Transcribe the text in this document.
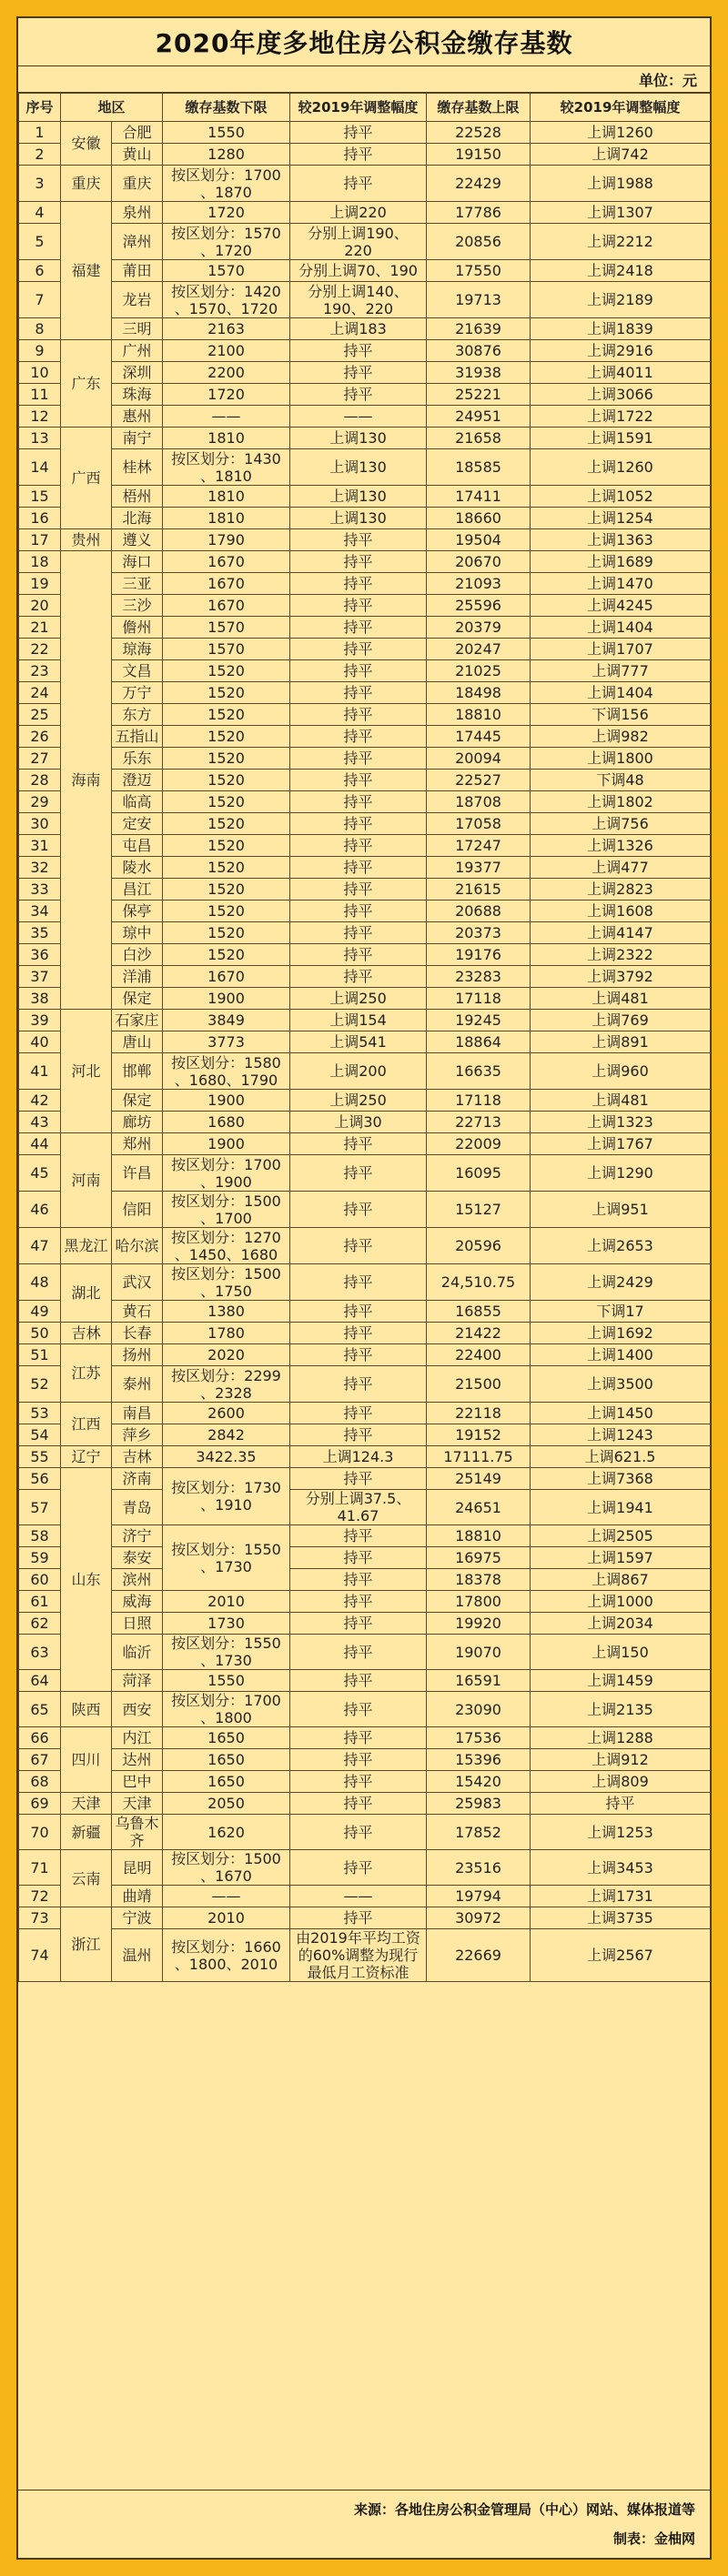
2020年度多地住房公积金缴存基数
单位：元
序号	地区		缴存基数下限	较2019年调整幅度	缴存基数上限	较2019年调整幅度
1	安徽	合肥	1550	持平	22528	上调1260
2		黄山	1280	持平	19150	上调742
3	重庆	重庆	按区划分：1700
、1870	持平	22429	上调1988
4	福建	泉州	1720	上调220	17786	上调1307
5		漳州	按区划分：1570
、1720	分别上调190、
220	20856	上调2212
6		莆田	1570	分别上调70、190	17550	上调2418
7		龙岩	按区划分：1420
、1570、1720	分别上调140、
190、220	19713	上调2189
8		三明	2163	上调183	21639	上调1839
9	广东	广州	2100	持平	30876	上调2916
10		深圳	2200	持平	31938	上调4011
11		珠海	1720	持平	25221	上调3066
12		惠州	——	——	24951	上调1722
13	广西	南宁	1810	上调130	21658	上调1591
14		桂林	按区划分：1430
、1810	上调130	18585	上调1260
15		梧州	1810	上调130	17411	上调1052
16		北海	1810	上调130	18660	上调1254
17	贵州	遵义	1790	持平	19504	上调1363
18	海南	海口	1670	持平	20670	上调1689
19		三亚	1670	持平	21093	上调1470
20		三沙	1670	持平	25596	上调4245
21		儋州	1570	持平	20379	上调1404
22		琼海	1570	持平	20247	上调1707
23		文昌	1520	持平	21025	上调777
24		万宁	1520	持平	18498	上调1404
25		东方	1520	持平	18810	下调156
26		五指山	1520	持平	17445	上调982
27		乐东	1520	持平	20094	上调1800
28		澄迈	1520	持平	22527	下调48
29		临高	1520	持平	18708	上调1802
30		定安	1520	持平	17058	上调756
31		屯昌	1520	持平	17247	上调1326
32		陵水	1520	持平	19377	上调477
33		昌江	1520	持平	21615	上调2823
34		保亭	1520	持平	20688	上调1608
35		琼中	1520	持平	20373	上调4147
36		白沙	1520	持平	19176	上调2322
37		洋浦	1670	持平	23283	上调3792
38		保定	1900	上调250	17118	上调481
39	河北	石家庄	3849	上调154	19245	上调769
40		唐山	3773	上调541	18864	上调891
41		邯郸	按区划分：1580
、1680、1790	上调200	16635	上调960
42		保定	1900	上调250	17118	上调481
43		廊坊	1680	上调30	22713	上调1323
44	河南	郑州	1900	持平	22009	上调1767
45		许昌	按区划分：1700
、1900	持平	16095	上调1290
46		信阳	按区划分：1500
、1700	持平	15127	上调951
47	黑龙江	哈尔滨	按区划分：1270
、1450、1680	持平	20596	上调2653
48	湖北	武汉	按区划分：1500
、1750	持平	24,510.75	上调2429
49		黄石	1380	持平	16855	下调17
50	吉林	长春	1780	持平	21422	上调1692
51	江苏	扬州	2020	持平	22400	上调1400
52		泰州	按区划分：2299
、2328	持平	21500	上调3500
53	江西	南昌	2600	持平	22118	上调1450
54		萍乡	2842	持平	19152	上调1243
55	辽宁	吉林	3422.35	上调124.3	17111.75	上调621.5
56	山东	济南	按区划分：1730
、1910	持平	25149	上调7368
57		青岛		分别上调37.5、
41.67	24651	上调1941
58		济宁	按区划分：1550
、1730	持平	18810	上调2505
59		泰安		持平	16975	上调1597
60		滨州		持平	18378	上调867
61		威海	2010	持平	17800	上调1000
62		日照	1730	持平	19920	上调2034
63		临沂	按区划分：1550
、1730	持平	19070	上调150
64		菏泽	1550	持平	16591	上调1459
65	陕西	西安	按区划分：1700
、1800	持平	23090	上调2135
66	四川	内江	1650	持平	17536	上调1288
67		达州	1650	持平	15396	上调912
68		巴中	1650	持平	15420	上调809
69	天津	天津	2050	持平	25983	持平
70	新疆	乌鲁木齐	1620	持平	17852	上调1253
71	云南	昆明	按区划分：1500
、1670	持平	23516	上调3453
72		曲靖	——	——	19794	上调1731
73	浙江	宁波	2010	持平	30972	上调3735
74		温州	按区划分：1660
、1800、2010	由2019年平均工资
的60%调整为现行
最低月工资标准	22669	上调2567
来源：各地住房公积金管理局（中心）网站、媒体报道等
制表：金柚网
